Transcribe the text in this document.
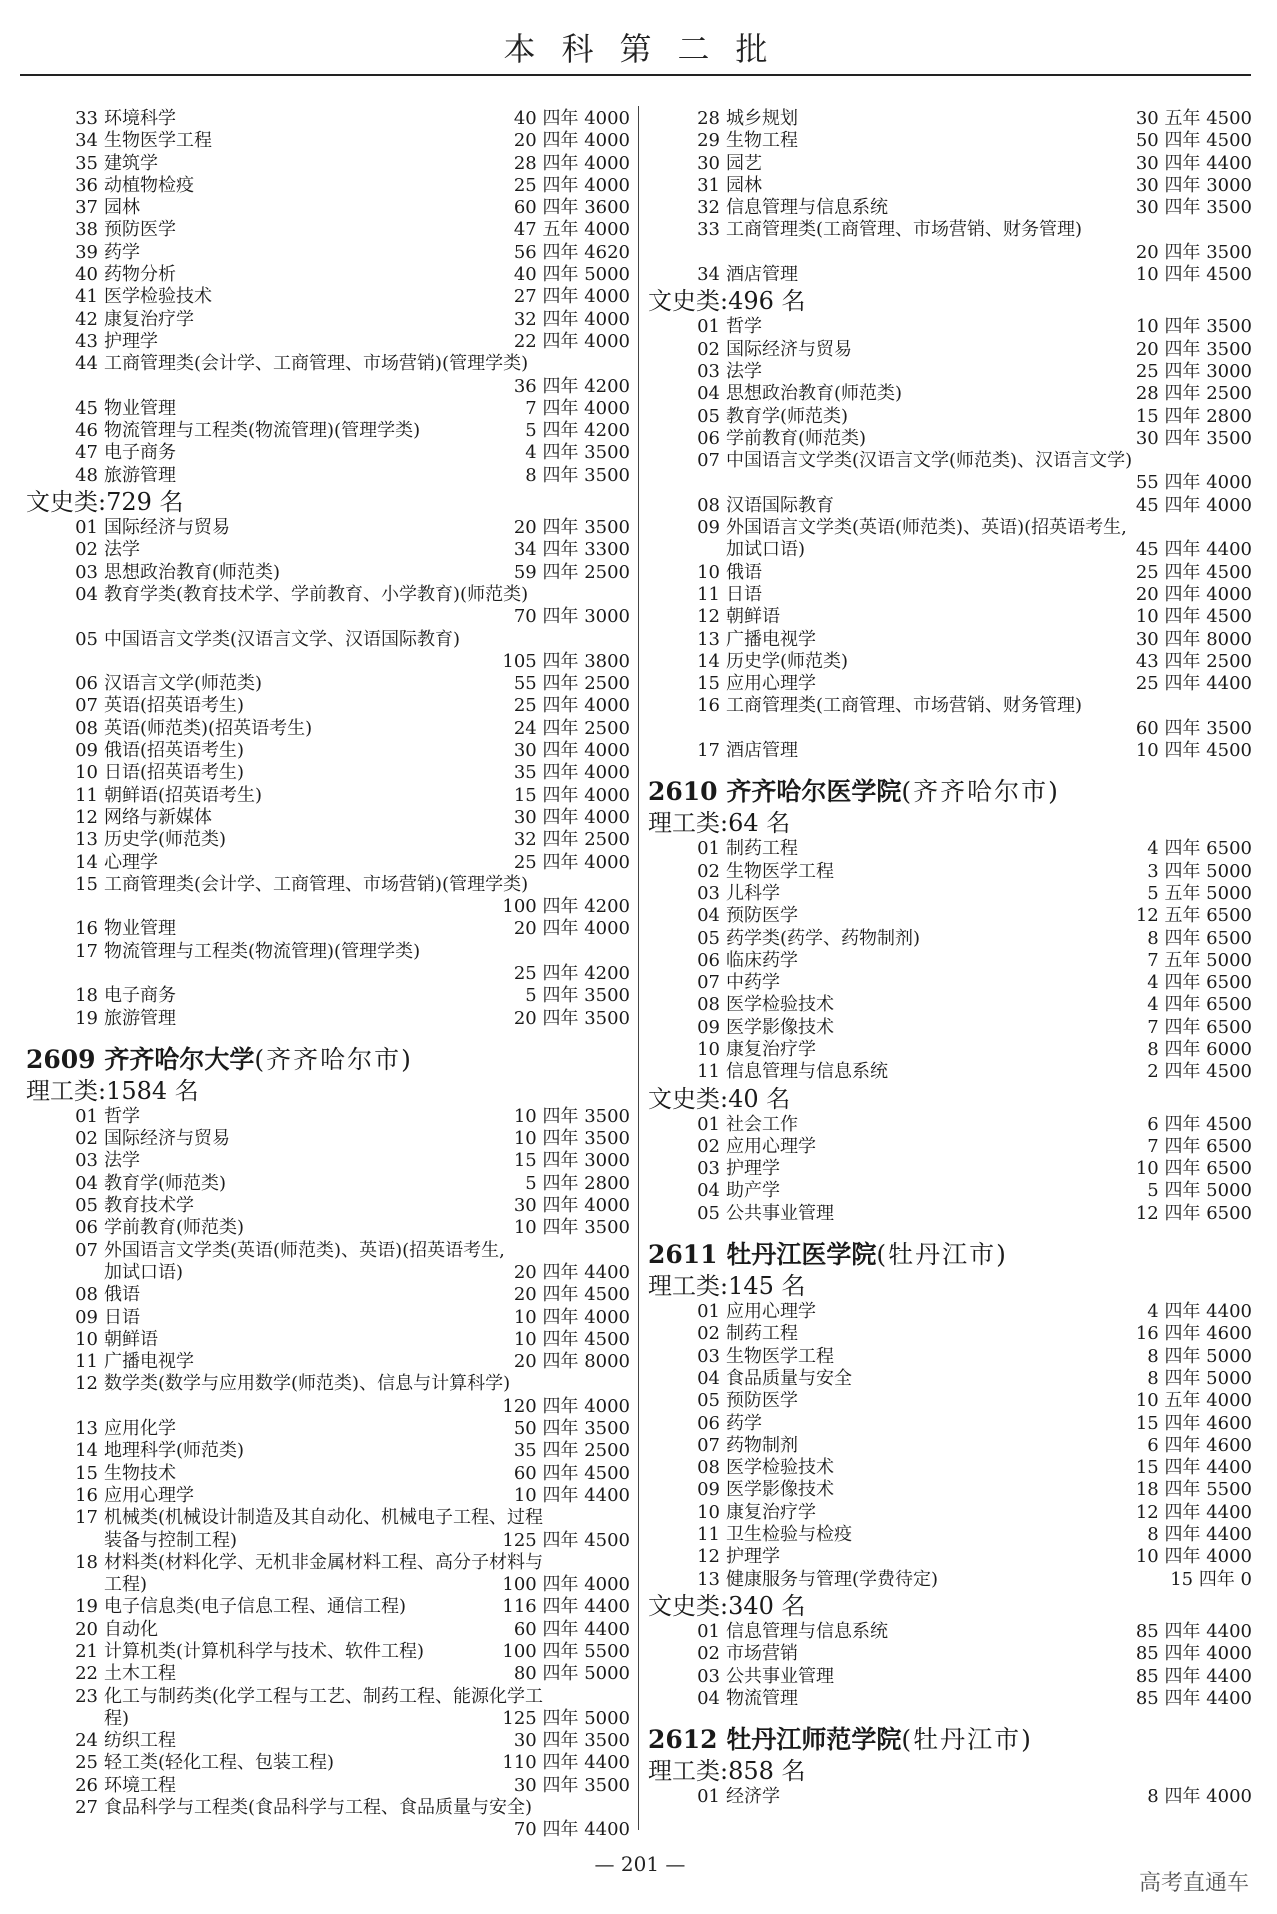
本科第二批
33 环境科学	40 四年 4000
34 生物医学工程	20 四年 4000
35 建筑学	28 四年 4000
36 动植物检疫	25 四年 4000
37 园林	60 四年 3600
38 预防医学	47 五年 4000
39 药学	56 四年 4620
40 药物分析	40 四年 5000
41 医学检验技术	27 四年 4000
42 康复治疗学	32 四年 4000
43 护理学	22 四年 4000
44 工商管理类(会计学、工商管理、市场营销)(管理学类)
36 四年 4200
45 物业管理	7 四年 4000
46 物流管理与工程类(物流管理)(管理学类)	5 四年 4200
47 电子商务	4 四年 3500
48 旅游管理	8 四年 3500
文史类:729 名
01 国际经济与贸易	20 四年 3500
02 法学	34 四年 3300
03 思想政治教育(师范类)	59 四年 2500
04 教育学类(教育技术学、学前教育、小学教育)(师范类)
70 四年 3000
05 中国语言文学类(汉语言文学、汉语国际教育)
105 四年 3800
06 汉语言文学(师范类)	55 四年 2500
07 英语(招英语考生)	25 四年 4000
08 英语(师范类)(招英语考生)	24 四年 2500
09 俄语(招英语考生)	30 四年 4000
10 日语(招英语考生)	35 四年 4000
11 朝鲜语(招英语考生)	15 四年 4000
12 网络与新媒体	30 四年 4000
13 历史学(师范类)	32 四年 2500
14 心理学	25 四年 4000
15 工商管理类(会计学、工商管理、市场营销)(管理学类)
100 四年 4200
16 物业管理	20 四年 4000
17 物流管理与工程类(物流管理)(管理学类)
25 四年 4200
18 电子商务	5 四年 3500
19 旅游管理	20 四年 3500
2609 齐齐哈尔大学(齐齐哈尔市)
理工类:1584 名
01 哲学	10 四年 3500
02 国际经济与贸易	10 四年 3500
03 法学	15 四年 3000
04 教育学(师范类)	5 四年 2800
05 教育技术学	30 四年 4000
06 学前教育(师范类)	10 四年 3500
07 外国语言文学类(英语(师范类)、英语)(招英语考生,
加试口语)	20 四年 4400
08 俄语	20 四年 4500
09 日语	10 四年 4000
10 朝鲜语	10 四年 4500
11 广播电视学	20 四年 8000
12 数学类(数学与应用数学(师范类)、信息与计算科学)
120 四年 4000
13 应用化学	50 四年 3500
14 地理科学(师范类)	35 四年 2500
15 生物技术	60 四年 4500
16 应用心理学	10 四年 4400
17 机械类(机械设计制造及其自动化、机械电子工程、过程
装备与控制工程)	125 四年 4500
18 材料类(材料化学、无机非金属材料工程、高分子材料与
工程)	100 四年 4000
19 电子信息类(电子信息工程、通信工程)	116 四年 4400
20 自动化	60 四年 4400
21 计算机类(计算机科学与技术、软件工程)	100 四年 5500
22 土木工程	80 四年 5000
23 化工与制药类(化学工程与工艺、制药工程、能源化学工
程)	125 四年 5000
24 纺织工程	30 四年 3500
25 轻工类(轻化工程、包装工程)	110 四年 4400
26 环境工程	30 四年 3500
27 食品科学与工程类(食品科学与工程、食品质量与安全)
70 四年 4400
28 城乡规划	30 五年 4500
29 生物工程	50 四年 4500
30 园艺	30 四年 4400
31 园林	30 四年 3000
32 信息管理与信息系统	30 四年 3500
33 工商管理类(工商管理、市场营销、财务管理)
20 四年 3500
34 酒店管理	10 四年 4500
文史类:496 名
01 哲学	10 四年 3500
02 国际经济与贸易	20 四年 3500
03 法学	25 四年 3000
04 思想政治教育(师范类)	28 四年 2500
05 教育学(师范类)	15 四年 2800
06 学前教育(师范类)	30 四年 3500
07 中国语言文学类(汉语言文学(师范类)、汉语言文学)
55 四年 4000
08 汉语国际教育	45 四年 4000
09 外国语言文学类(英语(师范类)、英语)(招英语考生,
加试口语)	45 四年 4400
10 俄语	25 四年 4500
11 日语	20 四年 4000
12 朝鲜语	10 四年 4500
13 广播电视学	30 四年 8000
14 历史学(师范类)	43 四年 2500
15 应用心理学	25 四年 4400
16 工商管理类(工商管理、市场营销、财务管理)
60 四年 3500
17 酒店管理	10 四年 4500
2610 齐齐哈尔医学院(齐齐哈尔市)
理工类:64 名
01 制药工程	4 四年 6500
02 生物医学工程	3 四年 5000
03 儿科学	5 五年 5000
04 预防医学	12 五年 6500
05 药学类(药学、药物制剂)	8 四年 6500
06 临床药学	7 五年 5000
07 中药学	4 四年 6500
08 医学检验技术	4 四年 6500
09 医学影像技术	7 四年 6500
10 康复治疗学	8 四年 6000
11 信息管理与信息系统	2 四年 4500
文史类:40 名
01 社会工作	6 四年 4500
02 应用心理学	7 四年 6500
03 护理学	10 四年 6500
04 助产学	5 四年 5000
05 公共事业管理	12 四年 6500
2611 牡丹江医学院(牡丹江市)
理工类:145 名
01 应用心理学	4 四年 4400
02 制药工程	16 四年 4600
03 生物医学工程	8 四年 5000
04 食品质量与安全	8 四年 5000
05 预防医学	10 五年 4000
06 药学	15 四年 4600
07 药物制剂	6 四年 4600
08 医学检验技术	15 四年 4400
09 医学影像技术	18 四年 5500
10 康复治疗学	12 四年 4400
11 卫生检验与检疫	8 四年 4400
12 护理学	10 四年 4000
13 健康服务与管理(学费待定)	15 四年 0
文史类:340 名
01 信息管理与信息系统	85 四年 4400
02 市场营销	85 四年 4000
03 公共事业管理	85 四年 4400
04 物流管理	85 四年 4400
2612 牡丹江师范学院(牡丹江市)
理工类:858 名
01 经济学	8 四年 4000
— 201 —
高考直通车
